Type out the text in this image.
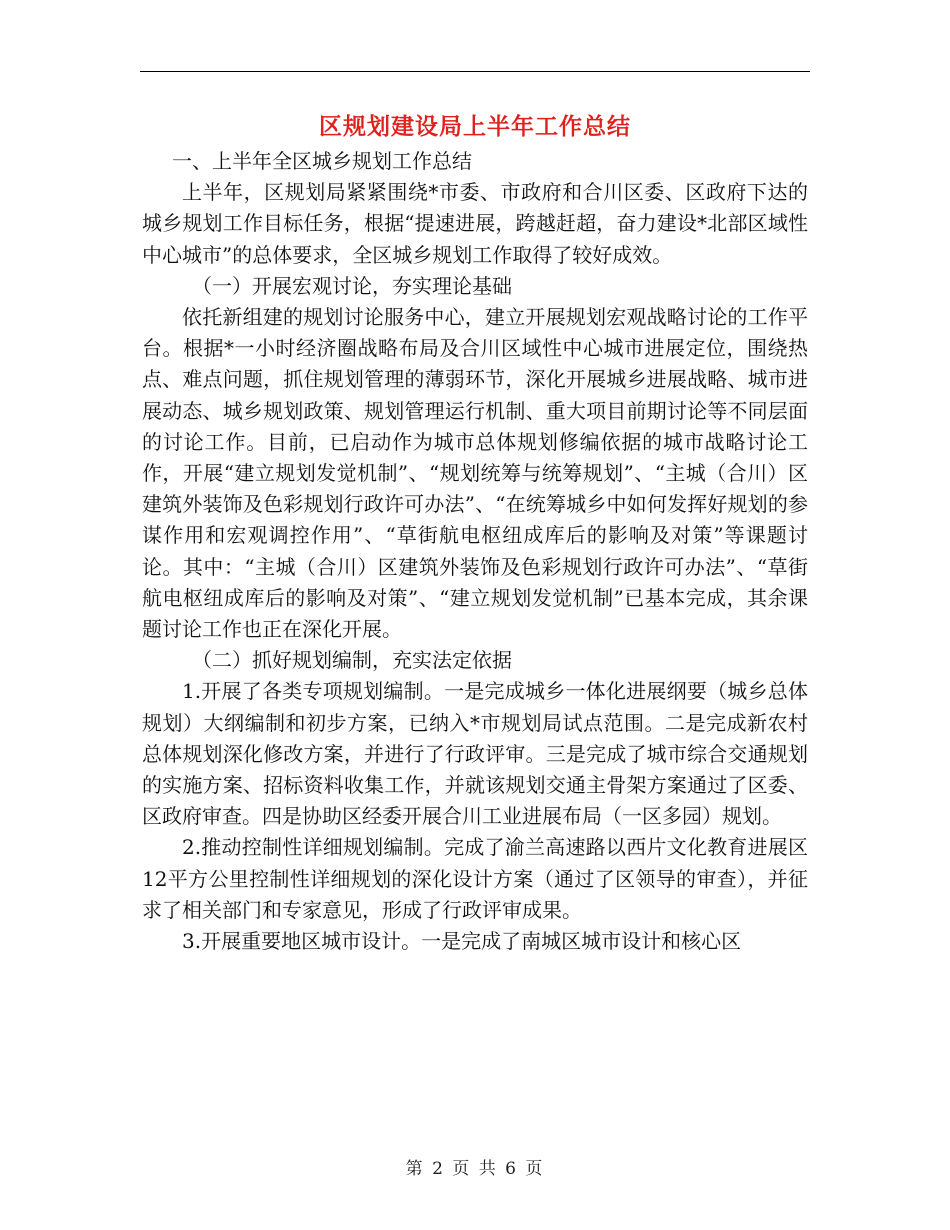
区规划建设局上半年工作总结

一、上半年全区城乡规划工作总结

上半年，区规划局紧紧围绕*市委、市政府和合川区委、区政府下达的城乡规划工作目标任务，根据“提速进展，跨越赶超，奋力建设*北部区域性中心城市”的总体要求，全区城乡规划工作取得了较好成效。

（一）开展宏观讨论，夯实理论基础

依托新组建的规划讨论服务中心，建立开展规划宏观战略讨论的工作平台。根据*一小时经济圈战略布局及合川区域性中心城市进展定位，围绕热点、难点问题，抓住规划管理的薄弱环节，深化开展城乡进展战略、城市进展动态、城乡规划政策、规划管理运行机制、重大项目前期讨论等不同层面的讨论工作。目前，已启动作为城市总体规划修编依据的城市战略讨论工作，开展“建立规划发觉机制”、“规划统筹与统筹规划”、“主城（合川）区建筑外装饰及色彩规划行政许可办法”、“在统筹城乡中如何发挥好规划的参谋作用和宏观调控作用”、“草街航电枢纽成库后的影响及对策”等课题讨论。其中：“主城（合川）区建筑外装饰及色彩规划行政许可办法”、“草街航电枢纽成库后的影响及对策”、“建立规划发觉机制”已基本完成，其余课题讨论工作也正在深化开展。

（二）抓好规划编制，充实法定依据

1.开展了各类专项规划编制。一是完成城乡一体化进展纲要（城乡总体规划）大纲编制和初步方案，已纳入*市规划局试点范围。二是完成新农村总体规划深化修改方案，并进行了行政评审。三是完成了城市综合交通规划的实施方案、招标资料收集工作，并就该规划交通主骨架方案通过了区委、区政府审查。四是协助区经委开展合川工业进展布局（一区多园）规划。

2.推动控制性详细规划编制。完成了渝兰高速路以西片文化教育进展区12平方公里控制性详细规划的深化设计方案（通过了区领导的审查），并征求了相关部门和专家意见，形成了行政评审成果。

3.开展重要地区城市设计。一是完成了南城区城市设计和核心区

第 2 页 共 6 页
